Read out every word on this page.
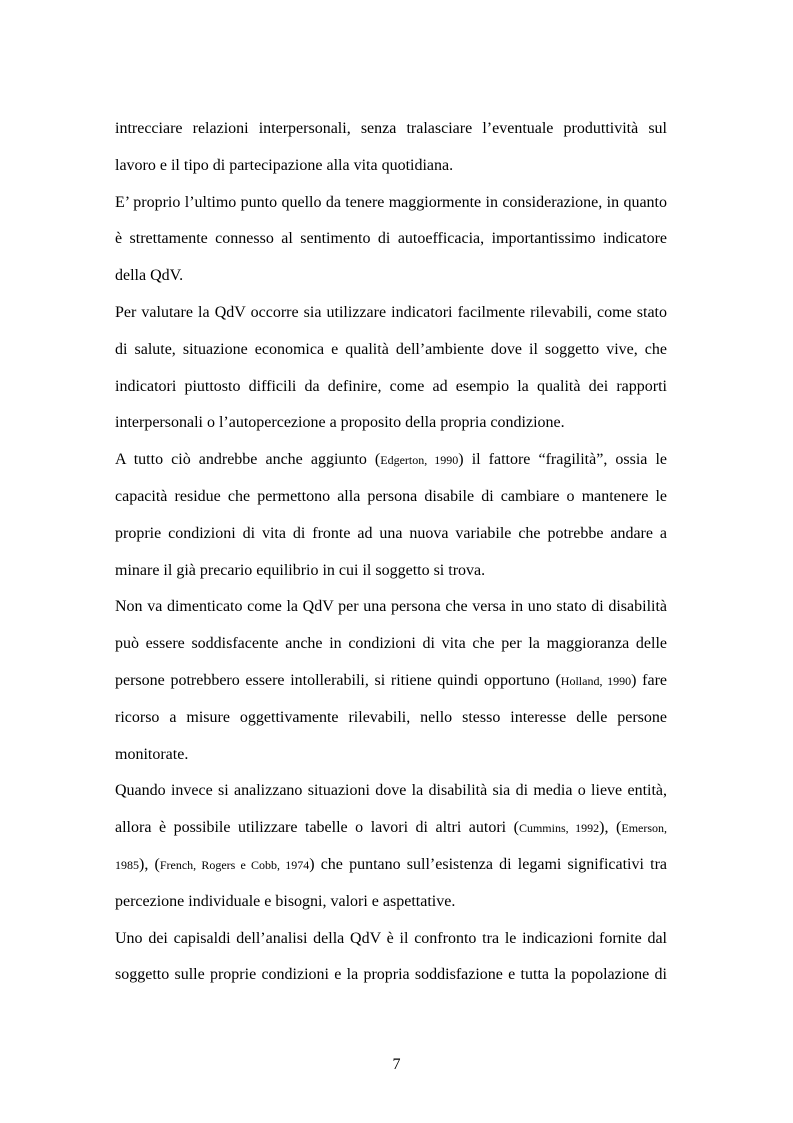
intrecciare relazioni interpersonali, senza tralasciare l’eventuale produttività sul
lavoro e il tipo di partecipazione alla vita quotidiana.
E’ proprio l’ultimo punto quello da tenere maggiormente in considerazione, in quanto
è strettamente connesso al sentimento di autoefficacia, importantissimo indicatore
della QdV.
Per valutare la QdV occorre sia utilizzare indicatori facilmente rilevabili, come stato
di salute, situazione economica e qualità dell’ambiente dove il soggetto vive, che
indicatori piuttosto difficili da definire, come ad esempio la qualità dei rapporti
interpersonali o l’autopercezione a proposito della propria condizione.
A tutto ciò andrebbe anche aggiunto (Edgerton, 1990) il fattore “fragilità”, ossia le
capacità residue che permettono alla persona disabile di cambiare o mantenere le
proprie condizioni di vita di fronte ad una nuova variabile che potrebbe andare a
minare il già precario equilibrio in cui il soggetto si trova.
Non va dimenticato come la QdV per una persona che versa in uno stato di disabilità
può essere soddisfacente anche in condizioni di vita che per la maggioranza delle
persone potrebbero essere intollerabili, si ritiene quindi opportuno (Holland, 1990) fare
ricorso a misure oggettivamente rilevabili, nello stesso interesse delle persone
monitorate.
Quando invece si analizzano situazioni dove la disabilità sia di media o lieve entità,
allora è possibile utilizzare tabelle o lavori di altri autori (Cummins, 1992), (Emerson,
1985), (French, Rogers e Cobb, 1974) che puntano sull’esistenza di legami significativi tra
percezione individuale e bisogni, valori e aspettative.
Uno dei capisaldi dell’analisi della QdV è il confronto tra le indicazioni fornite dal
soggetto sulle proprie condizioni e la propria soddisfazione e tutta la popolazione di
7
